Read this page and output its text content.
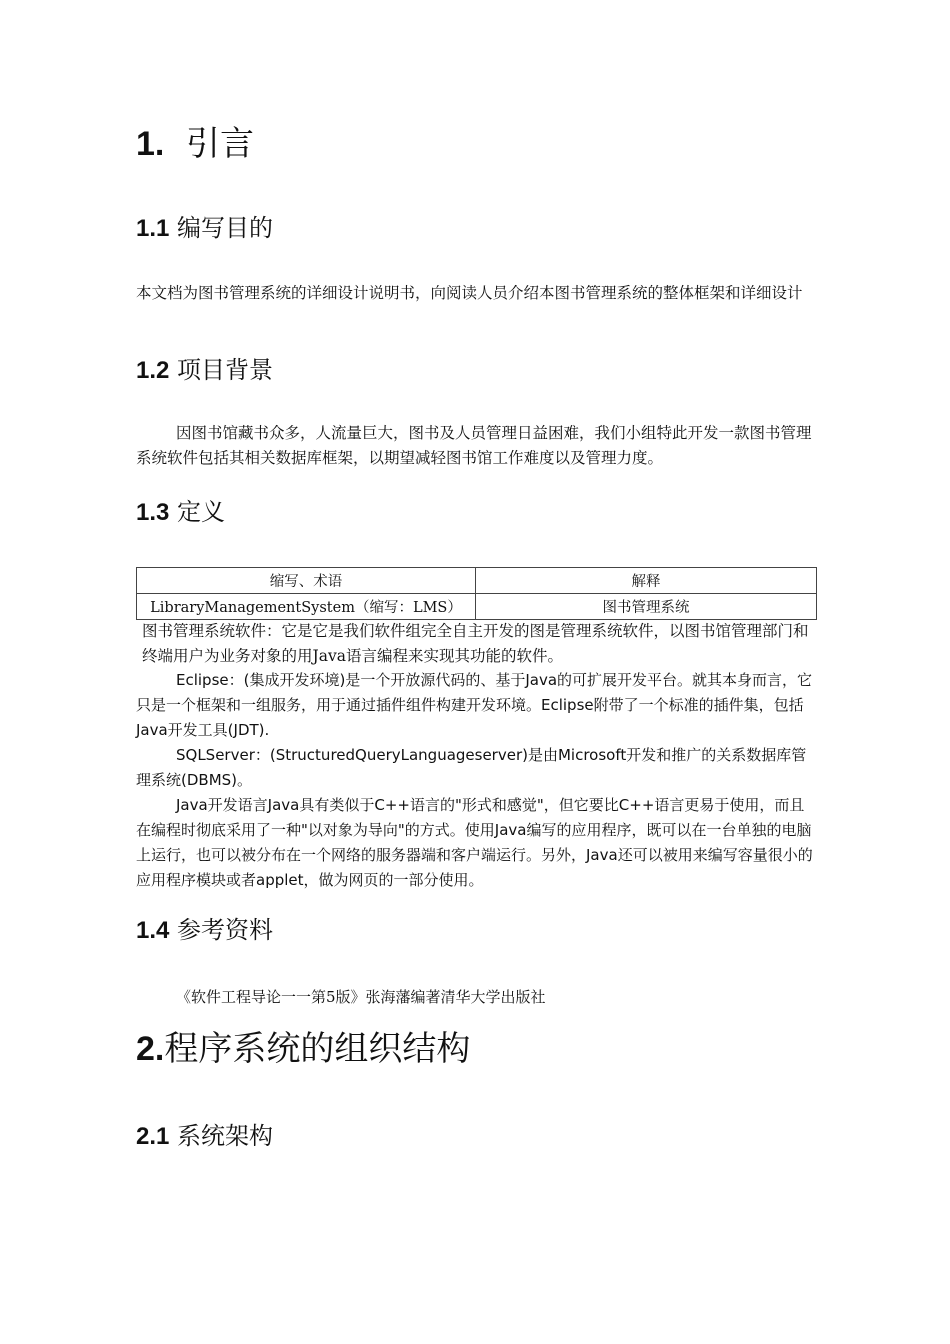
1. 引言
1.1 编写目的

本文档为图书管理系统的详细设计说明书，向阅读人员介绍本图书管理系统的整体框架和详细设计

1.2 项目背景

因图书馆藏书众多，人流量巨大，图书及人员管理日益困难，我们小组特此开发一款图书管理系统软件包括其相关数据库框架，以期望减轻图书馆工作难度以及管理力度。

1.3 定义
缩写、术语	解释
LibraryManagementSystem（缩写：LMS）	图书管理系统

图书管理系统软件：它是它是我们软件组完全自主开发的图是管理系统软件，以图书馆管理部门和终端用户为业务对象的用Java语言编程来实现其功能的软件。

Eclipse：(集成开发环境)是一个开放源代码的、基于Java的可扩展开发平台。就其本身而言，它只是一个框架和一组服务，用于通过插件组件构建开发环境。Eclipse附带了一个标准的插件集，包括Java开发工具(JDT).

SQLServer：(StructuredQueryLanguageserver)是由Microsoft开发和推广的关系数据库管理系统(DBMS)。

Java开发语言Java具有类似于C++语言的"形式和感觉"，但它要比C++语言更易于使用，而且在编程时彻底采用了一种"以对象为导向"的方式。使用Java编写的应用程序，既可以在一台单独的电脑上运行，也可以被分布在一个网络的服务器端和客户端运行。另外，Java还可以被用来编写容量很小的应用程序模块或者applet，做为网页的一部分使用。

1.4 参考资料
《软件工程导论一一第5版》张海藩编著清华大学出版社
2.程序系统的组织结构
2.1 系统架构
